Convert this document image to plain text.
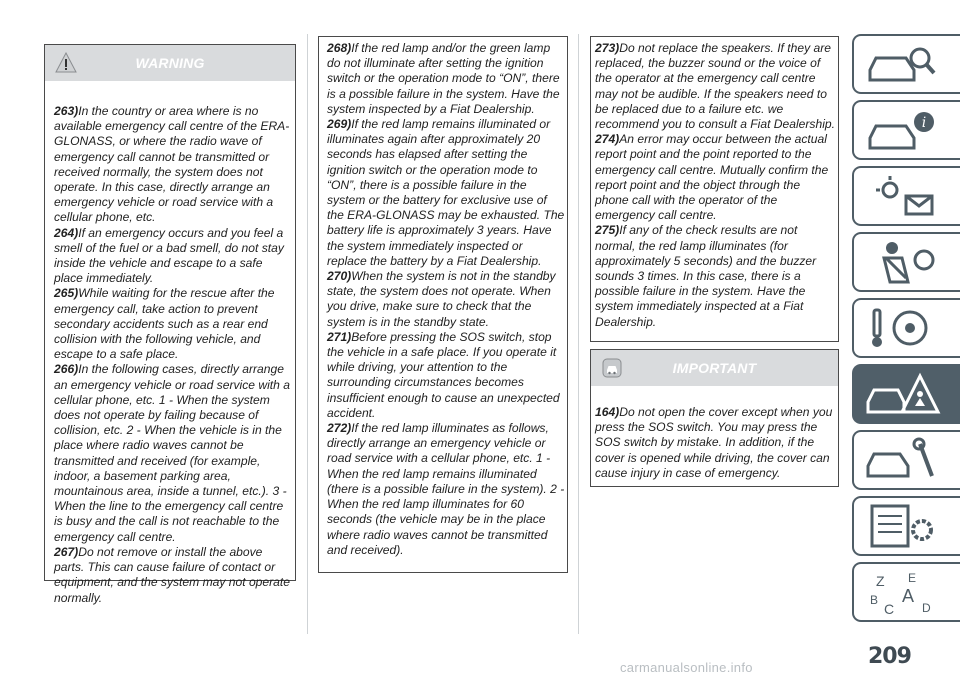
WARNING

263)In the country or area where is no available emergency call centre of the ERA-GLONASS, or where the radio wave of emergency call cannot be transmitted or received normally, the system does not operate. In this case, directly arrange an emergency vehicle or road service with a cellular phone, etc.

264)If an emergency occurs and you feel a smell of the fuel or a bad smell, do not stay inside the vehicle and escape to a safe place immediately.

265)While waiting for the rescue after the emergency call, take action to prevent secondary accidents such as a rear end collision with the following vehicle, and escape to a safe place.

266)In the following cases, directly arrange an emergency vehicle or road service with a cellular phone, etc. 1 - When the system does not operate by failing because of collision, etc. 2 - When the vehicle is in the place where radio waves cannot be transmitted and received (for example, indoor, a basement parking area, mountainous area, inside a tunnel, etc.). 3 - When the line to the emergency call centre is busy and the call is not reachable to the emergency call centre.

267)Do not remove or install the above parts. This can cause failure of contact or equipment, and the system may not operate normally.

268)If the red lamp and/or the green lamp do not illuminate after setting the ignition switch or the operation mode to “ON”, there is a possible failure in the system. Have the system inspected by a Fiat Dealership.

269)If the red lamp remains illuminated or illuminates again after approximately 20 seconds has elapsed after setting the ignition switch or the operation mode to “ON”, there is a possible failure in the system or the battery for exclusive use of the ERA-GLONASS may be exhausted. The battery life is approximately 3 years. Have the system immediately inspected or replace the battery by a Fiat Dealership.

270)When the system is not in the standby state, the system does not operate. When you drive, make sure to check that the system is in the standby state.

271)Before pressing the SOS switch, stop the vehicle in a safe place. If you operate it while driving, your attention to the surrounding circumstances becomes insufficient enough to cause an unexpected accident.

272)If the red lamp illuminates as follows, directly arrange an emergency vehicle or road service with a cellular phone, etc. 1 - When the red lamp remains illuminated (there is a possible failure in the system). 2 - When the red lamp illuminates for 60 seconds (the vehicle may be in the place where radio waves cannot be transmitted and received).

273)Do not replace the speakers. If they are replaced, the buzzer sound or the voice of the operator at the emergency call centre may not be audible. If the speakers need to be replaced due to a failure etc. we recommend you to consult a Fiat Dealership.

274)An error may occur between the actual report point and the point reported to the emergency call centre. Mutually confirm the report point and the object through the phone call with the operator of the emergency call centre.

275)If any of the check results are not normal, the red lamp illuminates (for approximately 5 seconds) and the buzzer sounds 3 times. In this case, there is a possible failure in the system. Have the system immediately inspected at a Fiat Dealership.

IMPORTANT

164)Do not open the cover except when you press the SOS switch. You may press the SOS switch by mistake. In addition, if the cover is opened while driving, the cover can cause injury in case of emergency.

i
Z E
A
B
C D
209
carmanualsonline.info
